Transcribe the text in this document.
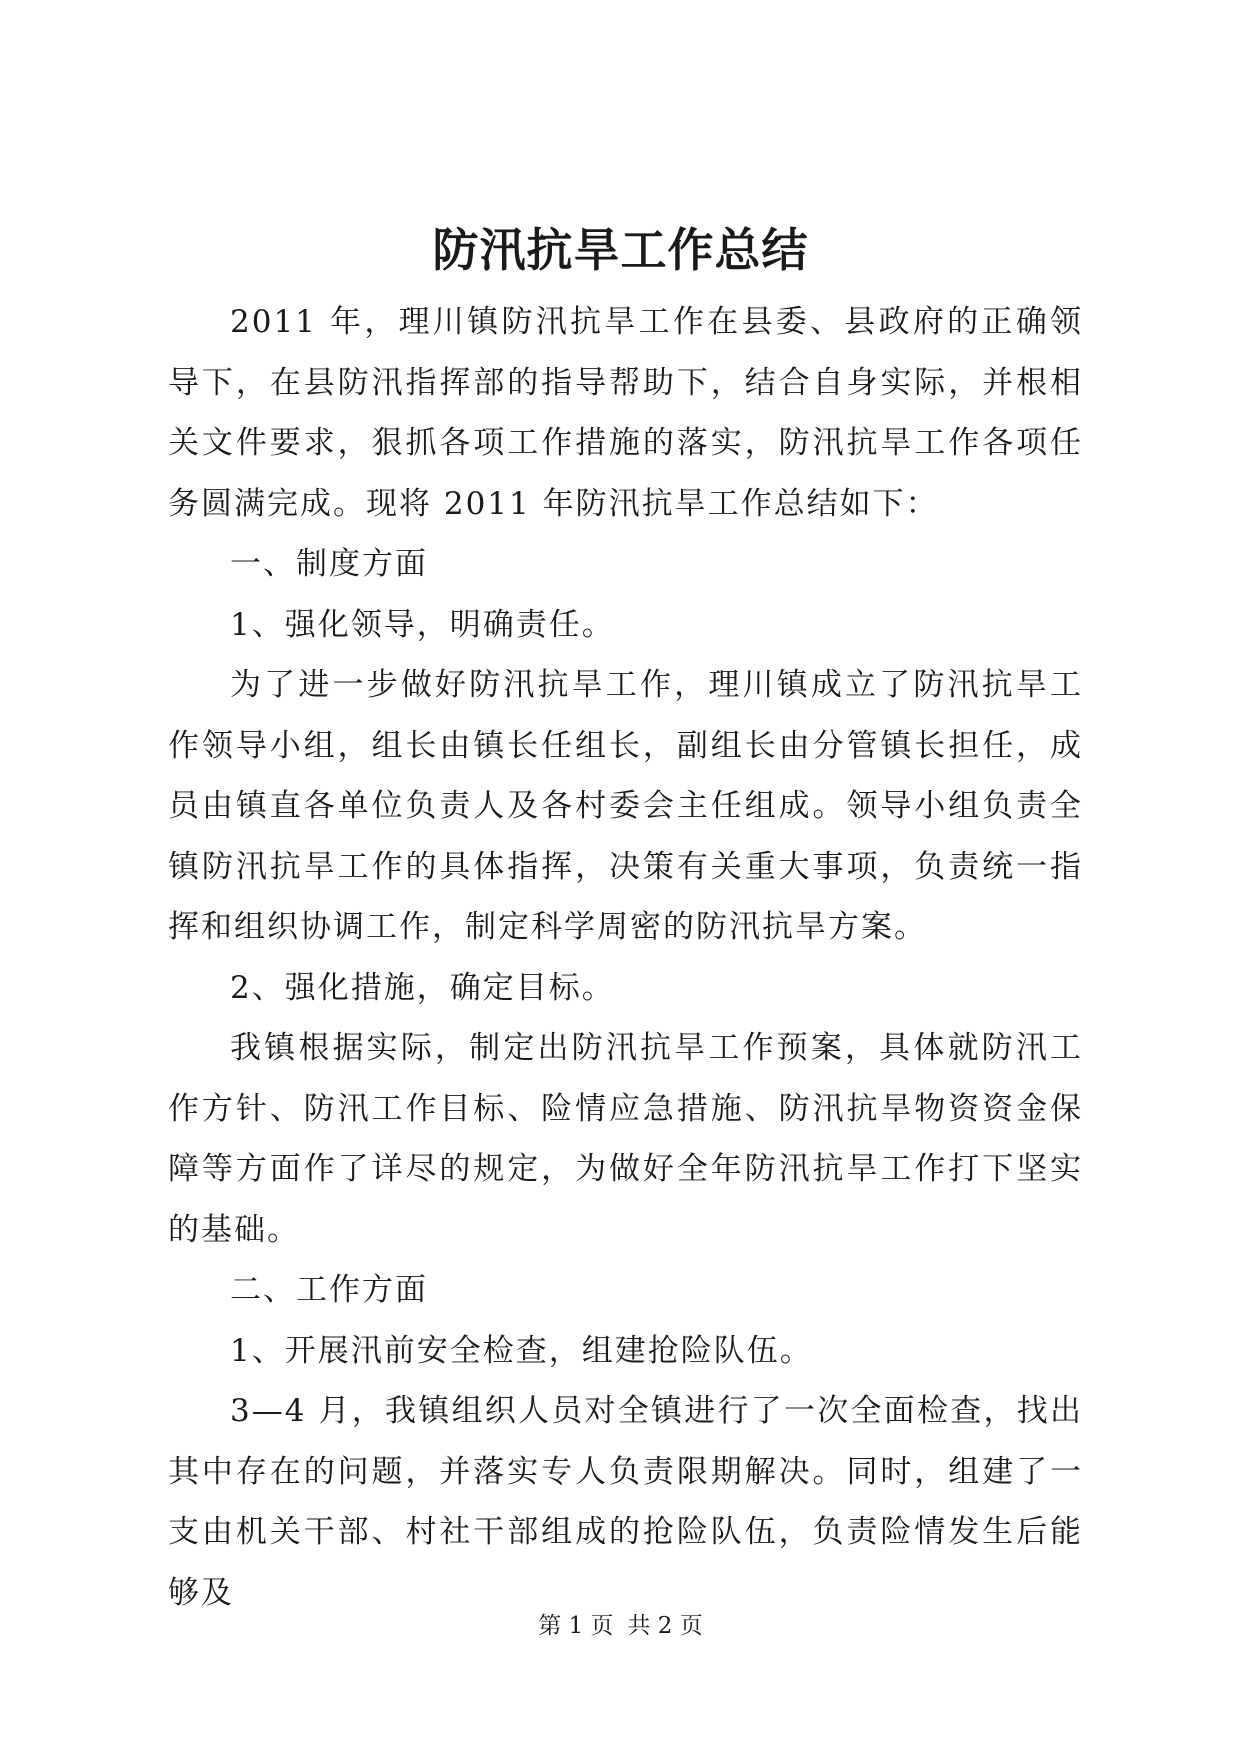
防汛抗旱工作总结

2011 年，理川镇防汛抗旱工作在县委、县政府的正确领导下，在县防汛指挥部的指导帮助下，结合自身实际，并根相关文件要求，狠抓各项工作措施的落实，防汛抗旱工作各项任务圆满完成。现将 2011 年防汛抗旱工作总结如下：

一、制度方面

1、强化领导，明确责任。

为了进一步做好防汛抗旱工作，理川镇成立了防汛抗旱工作领导小组，组长由镇长任组长，副组长由分管镇长担任，成员由镇直各单位负责人及各村委会主任组成。领导小组负责全镇防汛抗旱工作的具体指挥，决策有关重大事项，负责统一指挥和组织协调工作，制定科学周密的防汛抗旱方案。

2、强化措施，确定目标。

我镇根据实际，制定出防汛抗旱工作预案，具体就防汛工作方针、防汛工作目标、险情应急措施、防汛抗旱物资资金保障等方面作了详尽的规定，为做好全年防汛抗旱工作打下坚实的基础。

二、工作方面

1、开展汛前安全检查，组建抢险队伍。

3—4 月，我镇组织人员对全镇进行了一次全面检查，找出其中存在的问题，并落实专人负责限期解决。同时，组建了一支由机关干部、村社干部组成的抢险队伍，负责险情发生后能够及

第 1 页 共 2 页
